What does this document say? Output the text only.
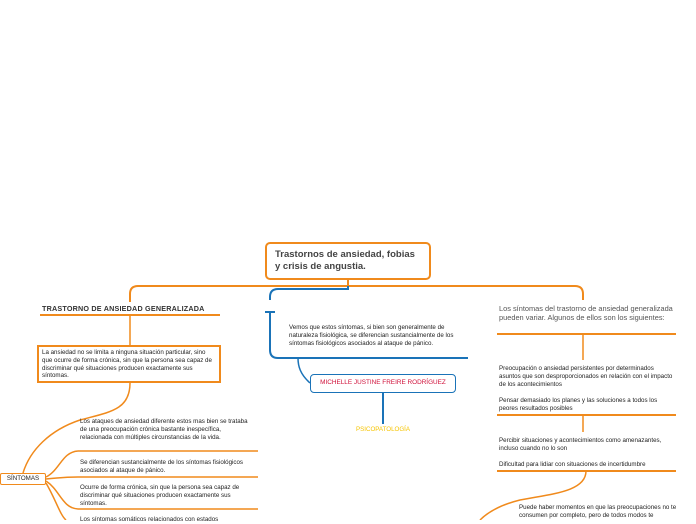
Trastornos de ansiedad, fobias y crisis de angustia.
TRASTORNO DE ANSIEDAD GENERALIZADA
La ansiedad no se limita a ninguna situación particular, sino que ocurre de forma crónica, sin que la persona sea capaz de discriminar qué situaciones producen exactamente sus síntomas.
SÍNTOMAS
Los ataques de ansiedad diferente estos mas bien se trataba de una preocupación crónica bastante inespecífica, relacionada con múltiples circunstancias de la vida.
Se diferencian sustancialmente de los síntomas fisiológicos asociados al ataque de pánico.
Ocurre de forma crónica, sin que la persona sea capaz de discriminar qué situaciones producen exactamente sus síntomas.
Los síntomas somáticos relacionados con estados
Vemos que estos síntomas, si bien son generalmente de naturaleza fisiológica, se diferencian sustancialmente de los síntomas fisiológicos asociados al ataque de pánico.
MICHELLE JUSTINE FREIRE RODRÍGUEZ
PSICOPATOLOGÍA
Los síntomas del trastorno de ansiedad generalizada pueden variar. Algunos de ellos son los siguientes:
Preocupación o ansiedad persistentes por determinados asuntos que son desproporcionados en relación con el impacto de los acontecimientos
Pensar demasiado los planes y las soluciones a todos los peores resultados posibles
Percibir situaciones y acontecimientos como amenazantes, incluso cuando no lo son
Dificultad para lidiar con situaciones de incertidumbre
Puede haber momentos en que las preocupaciones no te consumen por completo, pero de todos modos te
